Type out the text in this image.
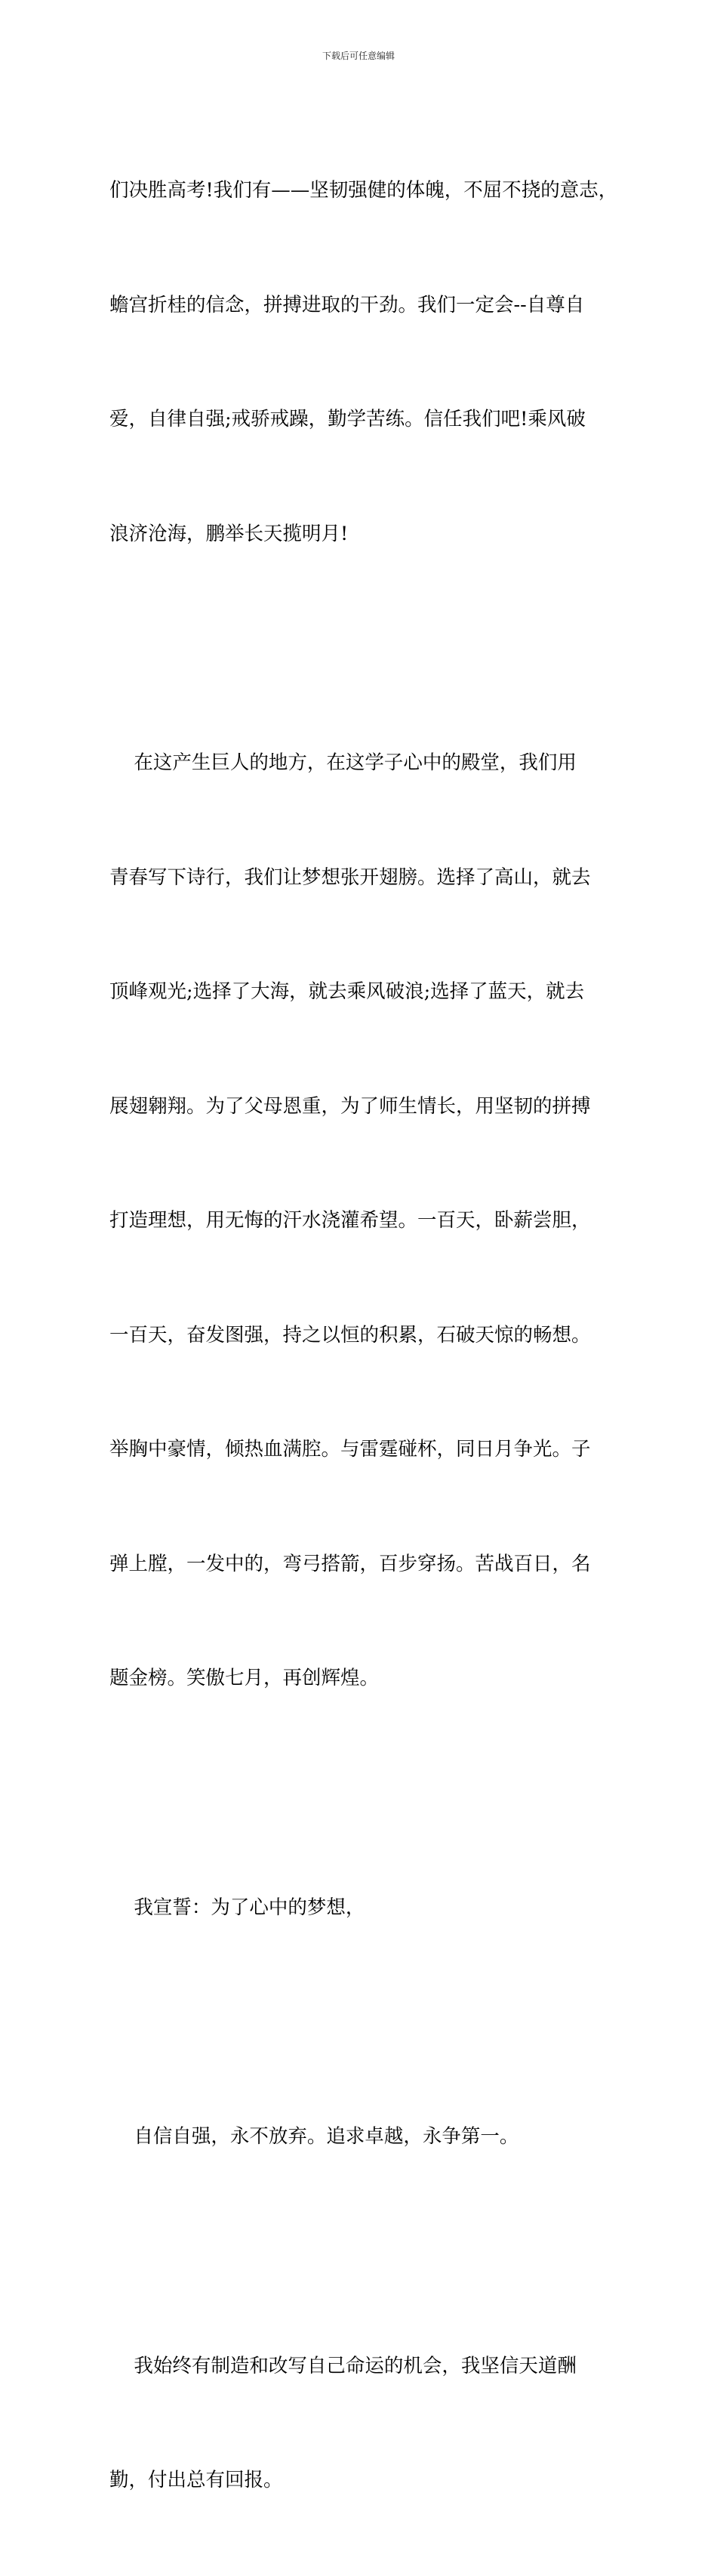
下载后可任意编辑

们决胜高考!我们有——坚韧强健的体魄，不屈不挠的意志，

蟾宫折桂的信念，拼搏进取的干劲。我们一定会--自尊自

爱，自律自强;戒骄戒躁，勤学苦练。信任我们吧!乘风破

浪济沧海，鹏举长天揽明月!

在这产生巨人的地方，在这学子心中的殿堂，我们用

青春写下诗行，我们让梦想张开翅膀。选择了高山，就去

顶峰观光;选择了大海，就去乘风破浪;选择了蓝天，就去

展翅翱翔。为了父母恩重，为了师生情长，用坚韧的拼搏

打造理想，用无悔的汗水浇灌希望。一百天，卧薪尝胆，

一百天，奋发图强，持之以恒的积累，石破天惊的畅想。

举胸中豪情，倾热血满腔。与雷霆碰杯，同日月争光。子

弹上膛，一发中的，弯弓搭箭，百步穿扬。苦战百日，名

题金榜。笑傲七月，再创辉煌。

我宣誓：为了心中的梦想，

自信自强，永不放弃。追求卓越，永争第一。

我始终有制造和改写自己命运的机会，我坚信天道酬

勤，付出总有回报。
